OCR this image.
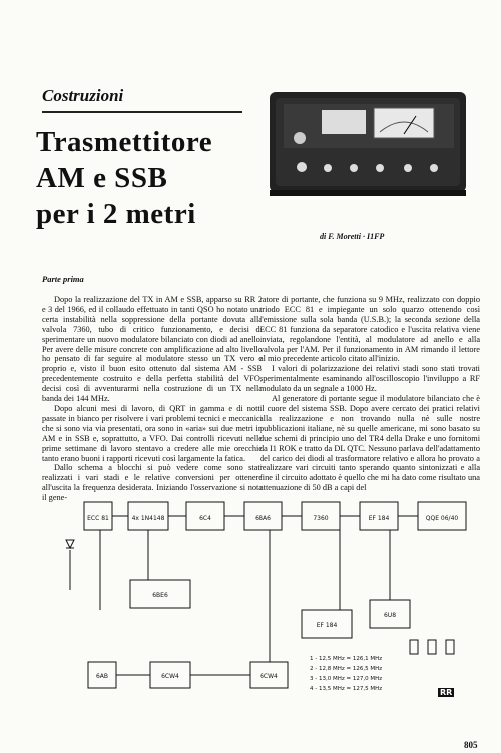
Costruzioni
Trasmettitore
AM e SSB
per i 2 metri
di F. Moretti · I1FP
Parte prima

Dopo la realizzazione del TX in AM e SSB, apparso su RR 2 e 3 del 1966, ed il collaudo effettuato in tanti QSO ho notato una certa instabilità nella soppressione della portante dovuta alla valvola 7360, tubo di critico funzionamento, e decisi di sperimentare un nuovo modulatore bilanciato con diodi ad anello. Per avere delle misure concrete con amplificazione ad alto livello ho pensato di far seguire al modulatore stesso un TX vero e proprio e, visto il buon esito ottenuto dal sistema AM - SSB precedentemente costruito e della perfetta stabilità del VFO, decisi così di avventurarmi nella costruzione di un TX nella banda dei 144 MHz.

Dopo alcuni mesi di lavoro, di QRT in gamma e di notti passate in bianco per risolvere i vari problemi tecnici e meccanici che si sono via via presentati, ora sono in «aria» sui due metri in AM e in SSB e, soprattutto, a VFO. Dai controlli ricevuti nelle prime settimane di lavoro stentavo a credere alle mie orecchie tanto erano buoni i rapporti ricevuti così largamente la fatica.

Dallo schema a blocchi si può vedere come sono stati realizzati i vari stadi e le relative conversioni per ottenere all'uscita la frequenza desiderata. Iniziando l'osservazione si nota il gene-

ratore di portante, che funziona su 9 MHz, realizzato con doppio triodo ECC 81 e impiegante un solo quarzo ottenendo così l'emissione sulla sola banda (U.S.B.); la seconda sezione della ECC 81 funziona da separatore catodico e l'uscita relativa viene inviata, regolandone l'entità, al modulatore ad anello e alla valvola per l'AM. Per il funzionamento in AM rimando il lettore al mio precedente articolo citato all'inizio.

I valori di polarizzazione dei relativi stadi sono stati trovati sperimentalmente esaminando all'oscilloscopio l'inviluppo a RF modulato da un segnale a 1000 Hz.

Al generatore di portante segue il modulatore bilanciato che è il cuore del sistema SSB. Dopo avere cercato dei pratici relativi alla realizzazione e non trovando nulla nè sulle nostre pubblicazioni italiane, nè su quelle americane, mi sono basato su due schemi di principio uno del TR4 della Drake e uno fornitomi da I1 ROK e tratto da DL QTC. Nessuno parlava dell'adattamento del carico dei diodi al trasformatore relativo e allora ho provato a realizzare vari circuiti tanto sperando quanto sintonizzati e alla fine il circuito adottato è quello che mi ha dato come risultato una attenuazione di 50 dB a capi del

ECC 81	4x 1N4148	6C4	6BA6	7360	EF 184	QQE 06/40
6BE6
6AB	6CW4	6CW4
EF 184
6U8
1 - 12,5 MHz = 126,1 MHz
2 - 12,8 MHz = 126,5 MHz
3 - 13,0 MHz = 127,0 MHz
4 - 13,5 MHz = 127,5 MHz	RR
805
